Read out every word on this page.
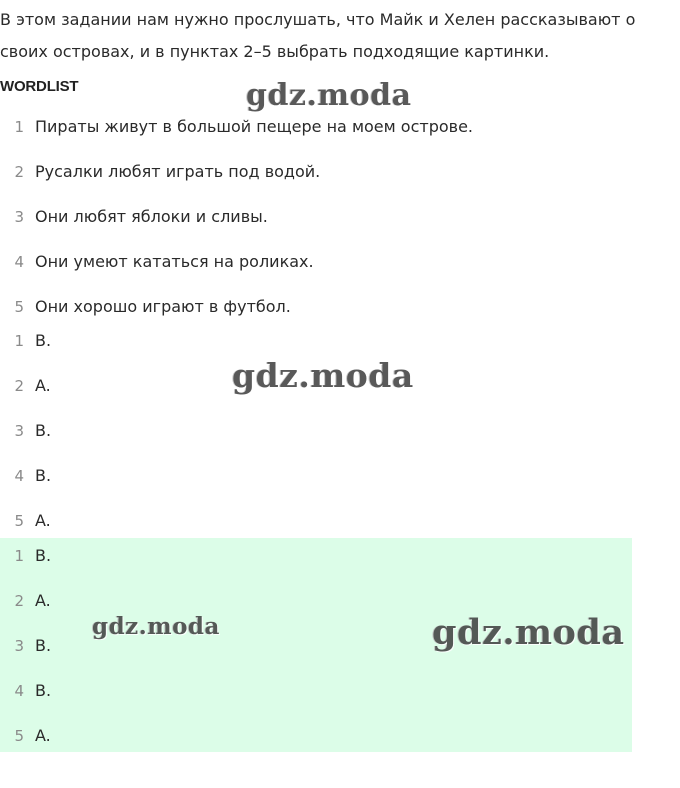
В этом задании нам нужно прослушать, что Майк и Хелен рассказывают о своих островах, и в пунктах 2–5 выбрать подходящие картинки.
WORDLIST
1 Пираты живут в большой пещере на моем острове.
2 Русалки любят играть под водой.
3 Они любят яблоки и сливы.
4 Они умеют кататься на роликах.
5 Они хорошо играют в футбол.
1 B.
2 A.
3 B.
4 B.
5 A.
1 B.
2 A.
3 B.
4 B.
5 A.
gdz.moda
gdz.moda
gdz.moda	gdz.moda
